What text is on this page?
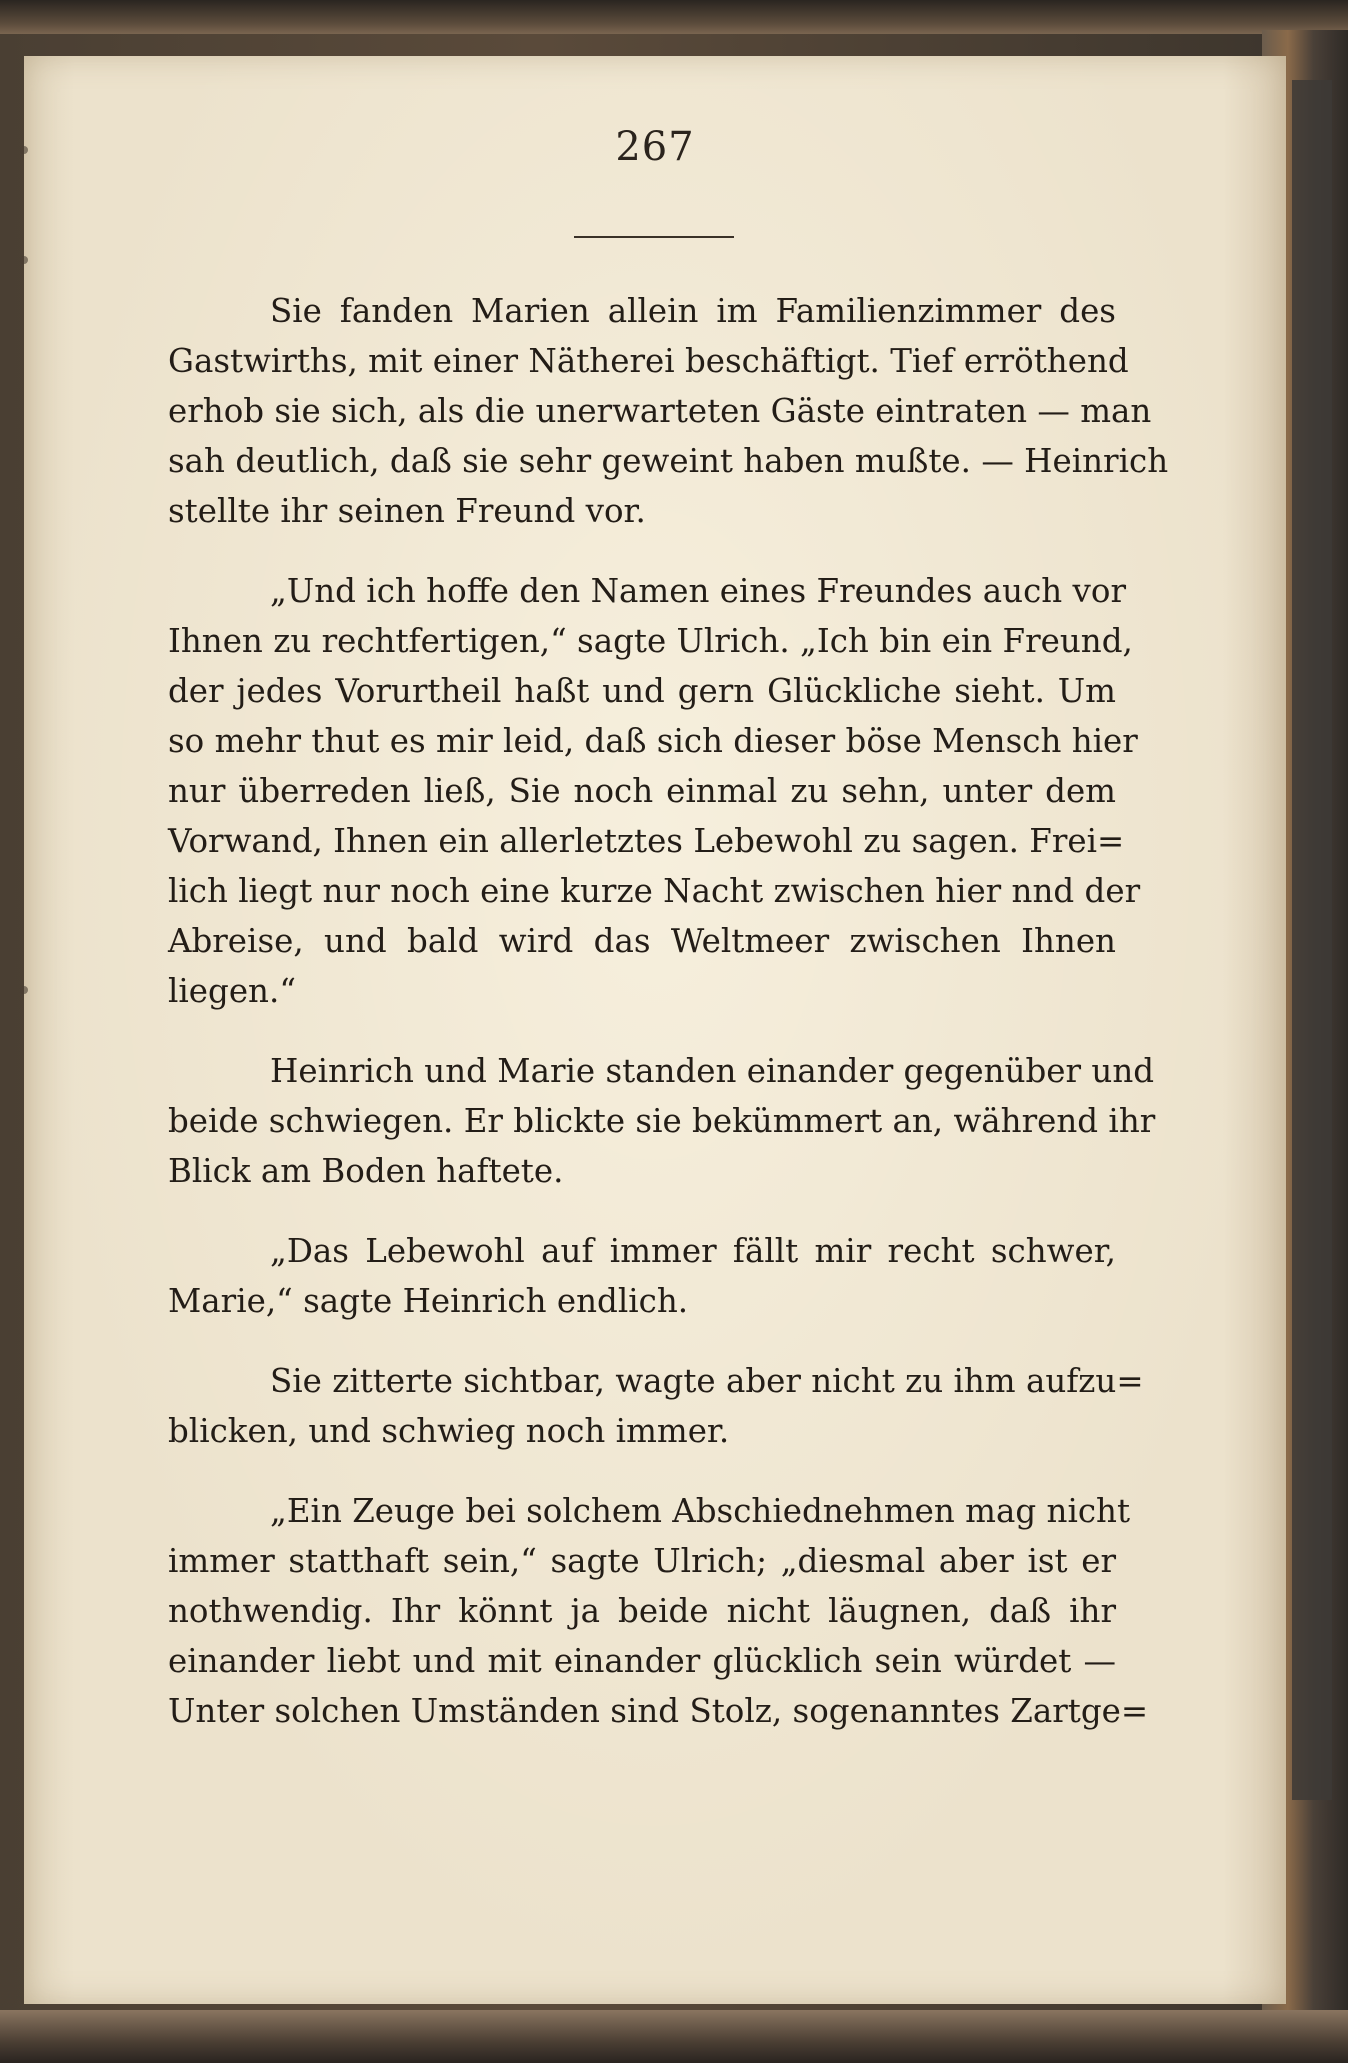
267
Sie fanden Marien allein im Familienzimmer des
Gastwirths, mit einer Nätherei beschäftigt. Tief erröthend
erhob sie sich, als die unerwarteten Gäste eintraten — man
sah deutlich, daß sie sehr geweint haben mußte. — Heinrich
stellte ihr seinen Freund vor.
„Und ich hoffe den Namen eines Freundes auch vor
Ihnen zu rechtfertigen,“ sagte Ulrich. „Ich bin ein Freund,
der jedes Vorurtheil haßt und gern Glückliche sieht. Um
so mehr thut es mir leid, daß sich dieser böse Mensch hier
nur überreden ließ, Sie noch einmal zu sehn, unter dem
Vorwand, Ihnen ein allerletztes Lebewohl zu sagen. Frei=
lich liegt nur noch eine kurze Nacht zwischen hier nnd der
Abreise, und bald wird das Weltmeer zwischen Ihnen
liegen.“
Heinrich und Marie standen einander gegenüber und
beide schwiegen. Er blickte sie bekümmert an, während ihr
Blick am Boden haftete.
„Das Lebewohl auf immer fällt mir recht schwer,
Marie,“ sagte Heinrich endlich.
Sie zitterte sichtbar, wagte aber nicht zu ihm aufzu=
blicken, und schwieg noch immer.
„Ein Zeuge bei solchem Abschiednehmen mag nicht
immer statthaft sein,“ sagte Ulrich; „diesmal aber ist er
nothwendig. Ihr könnt ja beide nicht läugnen, daß ihr
einander liebt und mit einander glücklich sein würdet —
Unter solchen Umständen sind Stolz, sogenanntes Zartge=
